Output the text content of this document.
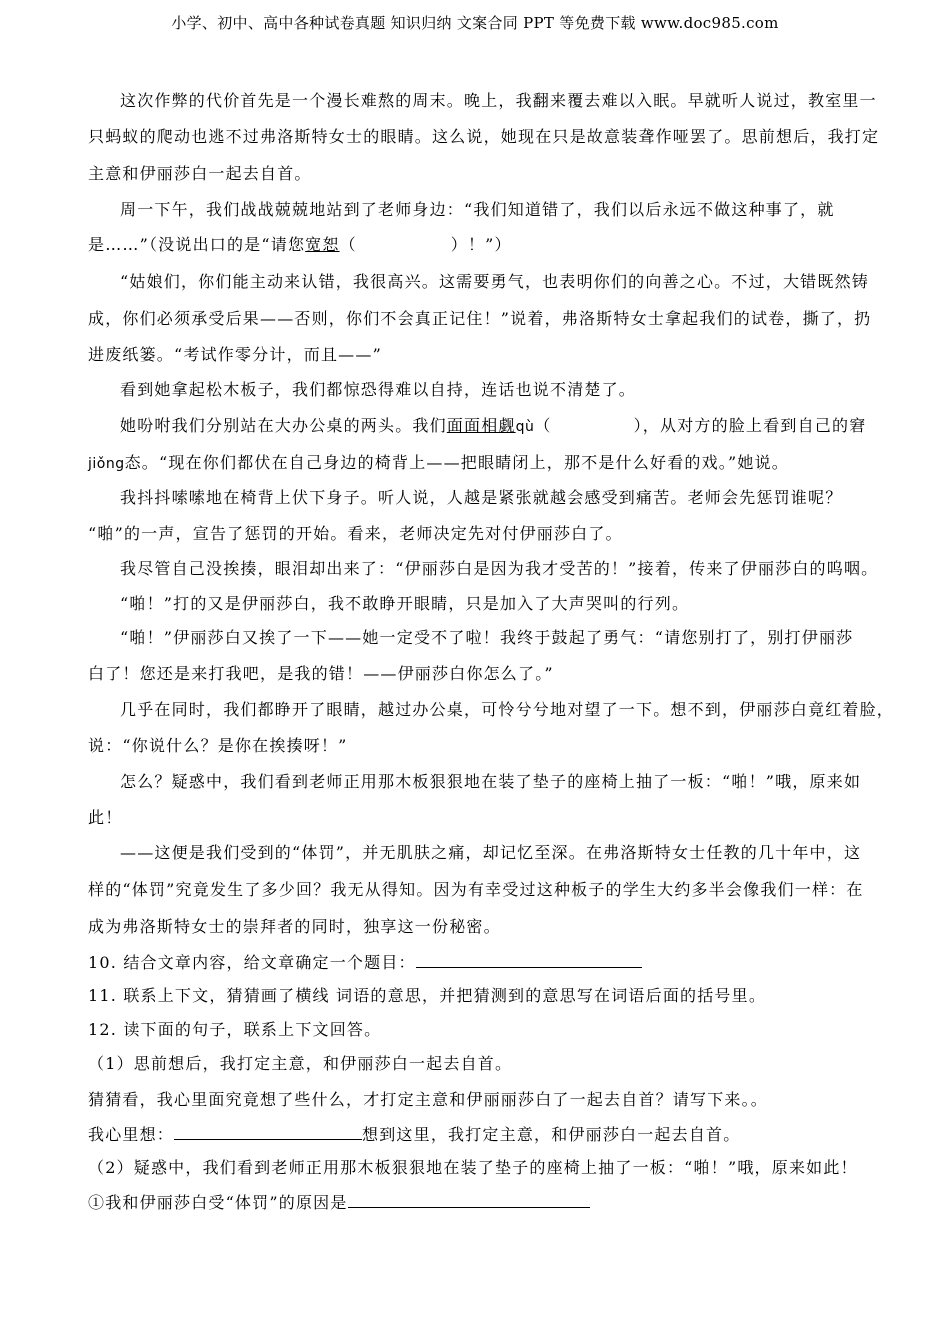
小学、初中、高中各种试卷真题 知识归纳 文案合同 PPT 等免费下载 www.doc985.com
这次作弊的代价首先是一个漫长难熬的周末。晚上，我翻来覆去难以入眠。早就听人说过，教室里一
只蚂蚁的爬动也逃不过弗洛斯特女士的眼睛。这么说，她现在只是故意装聋作哑罢了。思前想后，我打定
主意和伊丽莎白一起去自首。
周一下午，我们战战兢兢地站到了老师身边：“我们知道错了，我们以后永远不做这种事了，就
是……”（没说出口的是“请您宽恕（	）！”）
“姑娘们，你们能主动来认错，我很高兴。这需要勇气，也表明你们的向善之心。不过，大错既然铸
成，你们必须承受后果——否则，你们不会真正记住！”说着，弗洛斯特女士拿起我们的试卷，撕了，扔
进废纸篓。“考试作零分计，而且——”
看到她拿起松木板子，我们都惊恐得难以自持，连话也说不清楚了。
她吩咐我们分别站在大办公桌的两头。我们面面相觑qù（	），从对方的脸上看到自己的窘
jiǒng态。“现在你们都伏在自己身边的椅背上——把眼睛闭上，那不是什么好看的戏。”她说。
我抖抖嗦嗦地在椅背上伏下身子。听人说，人越是紧张就越会感受到痛苦。老师会先惩罚谁呢？
“啪”的一声，宣告了惩罚的开始。看来，老师决定先对付伊丽莎白了。
我尽管自己没挨揍，眼泪却出来了：“伊丽莎白是因为我才受苦的！”接着，传来了伊丽莎白的呜咽。
“啪！”打的又是伊丽莎白，我不敢睁开眼睛，只是加入了大声哭叫的行列。
“啪！”伊丽莎白又挨了一下——她一定受不了啦！我终于鼓起了勇气：“请您别打了，别打伊丽莎
白了！您还是来打我吧，是我的错！——伊丽莎白你怎么了。”
几乎在同时，我们都睁开了眼睛，越过办公桌，可怜兮兮地对望了一下。想不到，伊丽莎白竟红着脸，
说：“你说什么？是你在挨揍呀！”
怎么？疑惑中，我们看到老师正用那木板狠狠地在装了垫子的座椅上抽了一板：“啪！”哦，原来如
此！
——这便是我们受到的“体罚”，并无肌肤之痛，却记忆至深。在弗洛斯特女士任教的几十年中，这
样的“体罚”究竟发生了多少回？我无从得知。因为有幸受过这种板子的学生大约多半会像我们一样：在
成为弗洛斯特女士的崇拜者的同时，独享这一份秘密。
10. 结合文章内容，给文章确定一个题目：
11. 联系上下文，猜猜画了横线 词语的意思，并把猜测到的意思写在词语后面的括号里。
12. 读下面的句子，联系上下文回答。
（1）思前想后，我打定主意，和伊丽莎白一起去自首。
猜猜看，我心里面究竟想了些什么，才打定主意和伊丽丽莎白了一起去自首？请写下来。。
我心里想：	想到这里，我打定主意，和伊丽莎白一起去自首。
（2）疑惑中，我们看到老师正用那木板狠狠地在装了垫子的座椅上抽了一板：“啪！”哦，原来如此！
①我和伊丽莎白受“体罚”的原因是
